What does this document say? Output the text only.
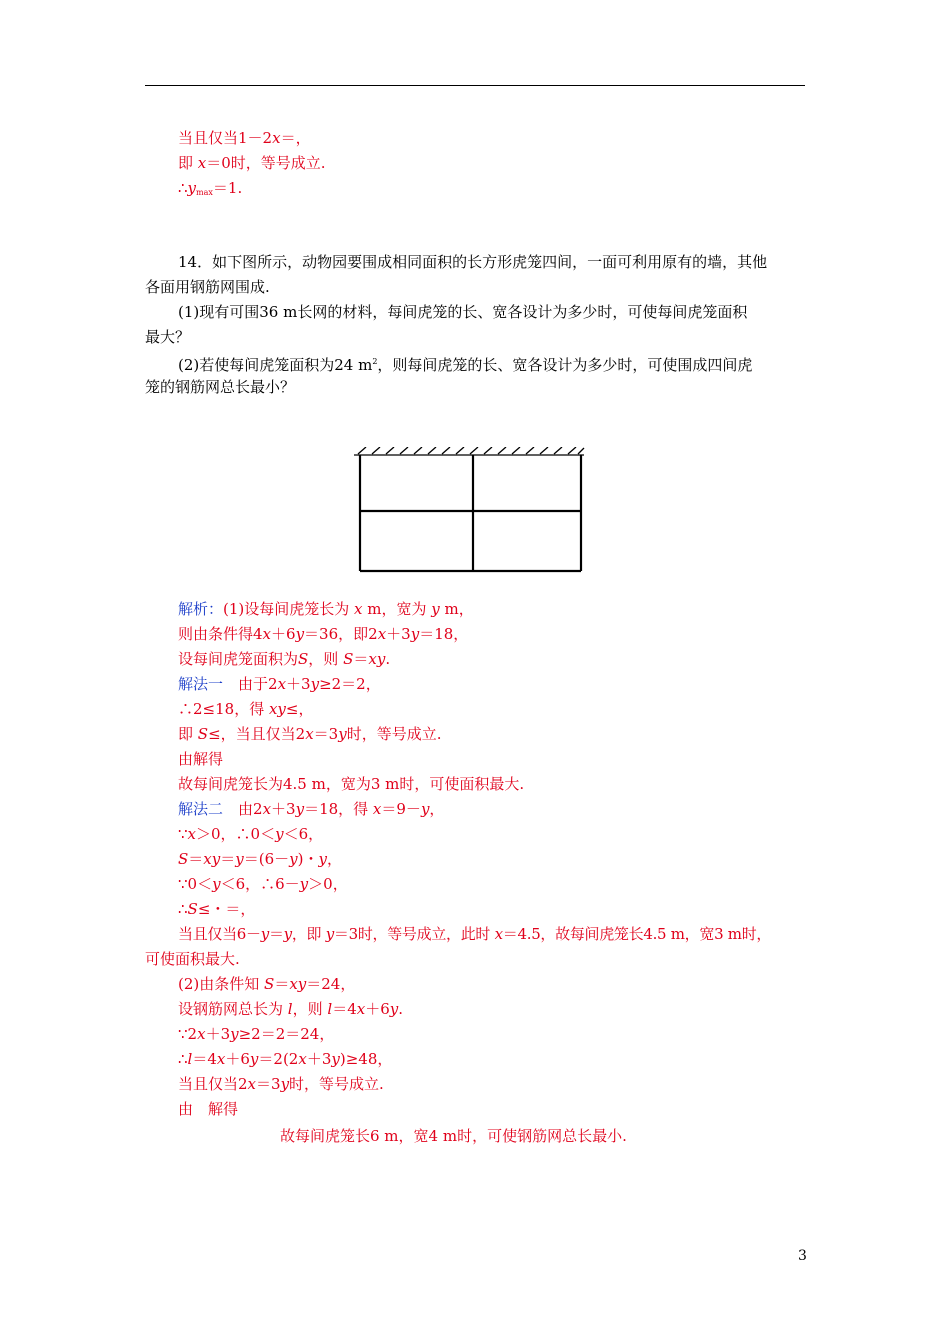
当且仅当1－2x＝，
即 x＝0时，等号成立.
$\therefore y_{max}=1$.
14．如下图所示，动物园要围成相同面积的长方形虎笼四间，一面可利用原有的墙，其他
各面用钢筋网围成.
(1)现有可围36 m长网的材料，每间虎笼的长、宽各设计为多少时，可使每间虎笼面积
最大？
(2)若使每间虎笼面积为24 $m^2$，则每间虎笼的长、宽各设计为多少时，可使围成四间虎
笼的钢筋网总长最小？
解析：(1)设每间虎笼长为 x m，宽为 y m，
则由条件得4x＋6y＝36，即2x＋3y＝18，
设每间虎笼面积为S，则 S＝xy.
解法一　由于2x＋3y≥2＝2，
∴2≤18，得 xy≤，
即 S≤，当且仅当2x＝3y时，等号成立.
由解得
故每间虎笼长为4.5 m，宽为3 m时，可使面积最大.
解法二　由2x＋3y＝18，得 x＝9－y，
∵x＞0，∴0＜y＜6，
S＝xy＝y＝(6－y)・y，
∵0＜y＜6，∴6－y＞0，
∴S≤・＝，
当且仅当6－y＝y，即 y＝3时，等号成立，此时 x＝4.5，故每间虎笼长4.5 m，宽3 m时，
可使面积最大.
(2)由条件知 S＝xy＝24，
设钢筋网总长为 l，则 l＝4x＋6y.
∵2x＋3y≥2＝2＝24，
∴l＝4x＋6y＝2(2x＋3y)≥48，
当且仅当2x＝3y时，等号成立.
由　解得
故每间虎笼长6 m，宽4 m时，可使钢筋网总长最小.
3
